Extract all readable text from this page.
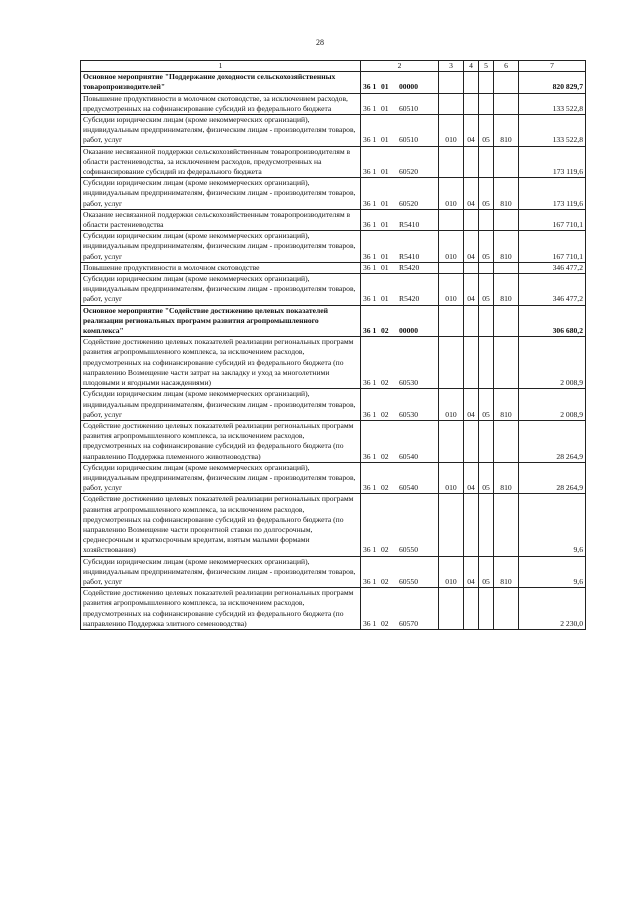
28
1	2	3	4	5	6	7
Основное мероприятие "Поддержание доходности сельскохозяйственных товаропроизводителей"	36 1 01 00000					820 829,7
Повышение продуктивности в молочном скотоводстве, за исключением расходов, предусмотренных на софинансирование субсидий из федерального бюджета	36 1 01 60510					133 522,8
Субсидии юридическим лицам (кроме некоммерческих организаций), индивидуальным предпринимателям, физическим лицам - производителям товаров, работ, услуг	36 1 01 60510	010	04	05	810	133 522,8
Оказание несвязанной поддержки сельскохозяйственным товаропроизводителям в области растениеводства, за исключением расходов, предусмотренных на софинансирование субсидий из федерального бюджета	36 1 01 60520					173 119,6
Субсидии юридическим лицам (кроме некоммерческих организаций), индивидуальным предпринимателям, физическим лицам - производителям товаров, работ, услуг	36 1 01 60520	010	04	05	810	173 119,6
Оказание несвязанной поддержки сельскохозяйственным товаропроизводителям в области растениеводства	36 1 01 R5410					167 710,1
Субсидии юридическим лицам (кроме некоммерческих организаций), индивидуальным предпринимателям, физическим лицам - производителям товаров, работ, услуг	36 1 01 R5410	010	04	05	810	167 710,1
Повышение продуктивности в молочном скотоводстве	36 1 01 R5420					346 477,2
Субсидии юридическим лицам (кроме некоммерческих организаций), индивидуальным предпринимателям, физическим лицам - производителям товаров, работ, услуг	36 1 01 R5420	010	04	05	810	346 477,2
Основное мероприятие "Содействие достижению целевых показателей реализации региональных программ развития агропромышленного комплекса"	36 1 02 00000					306 680,2
Содействие достижению целевых показателей реализации региональных программ развития агропромышленного комплекса, за исключением расходов, предусмотренных на софинансирование субсидий из федерального бюджета (по направлению Возмещение части затрат на закладку и уход за многолетними плодовыми и ягодными насаждениями)	36 1 02 60530					2 008,9
Субсидии юридическим лицам (кроме некоммерческих организаций), индивидуальным предпринимателям, физическим лицам - производителям товаров, работ, услуг	36 1 02 60530	010	04	05	810	2 008,9
Содействие достижению целевых показателей реализации региональных программ развития агропромышленного комплекса, за исключением расходов, предусмотренных на софинансирование субсидий из федерального бюджета (по направлению Поддержка племенного животноводства)	36 1 02 60540					28 264,9
Субсидии юридическим лицам (кроме некоммерческих организаций), индивидуальным предпринимателям, физическим лицам - производителям товаров, работ, услуг	36 1 02 60540	010	04	05	810	28 264,9
Содействие достижению целевых показателей реализации региональных программ развития агропромышленного комплекса, за исключением расходов, предусмотренных на софинансирование субсидий из федерального бюджета (по направлению Возмещение части процентной ставки по долгосрочным, среднесрочным и краткосрочным кредитам, взятым малыми формами хозяйствования)	36 1 02 60550					9,6
Субсидии юридическим лицам (кроме некоммерческих организаций), индивидуальным предпринимателям, физическим лицам - производителям товаров, работ, услуг	36 1 02 60550	010	04	05	810	9,6
Содействие достижению целевых показателей реализации региональных программ развития агропромышленного комплекса, за исключением расходов, предусмотренных на софинансирование субсидий из федерального бюджета (по направлению Поддержка элитного семеноводства)	36 1 02 60570					2 230,0
